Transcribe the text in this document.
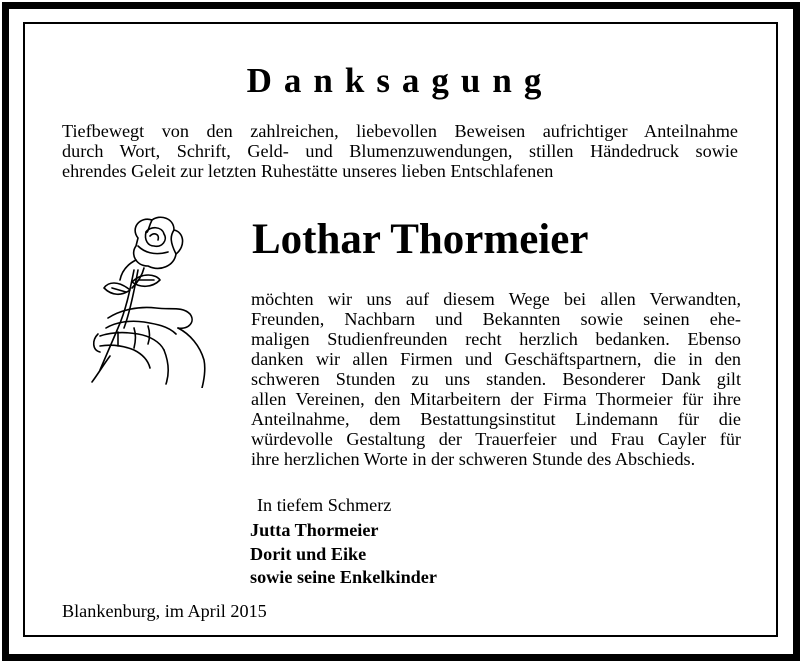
Danksagung
Tiefbewegt von den zahlreichen, liebevollen Beweisen aufrichtiger Anteilnahme
durch Wort, Schrift, Geld- und Blumenzuwendungen, stillen Händedruck sowie
ehrendes Geleit zur letzten Ruhestätte unseres lieben Entschlafenen
Lothar Thormeier
möchten wir uns auf diesem Wege bei allen Verwandten,
Freunden, Nachbarn und Bekannten sowie seinen ehe-
maligen Studienfreunden recht herzlich bedanken. Ebenso
danken wir allen Firmen und Geschäftspartnern, die in den
schweren Stunden zu uns standen. Besonderer Dank gilt
allen Vereinen, den Mitarbeitern der Firma Thormeier für ihre
Anteilnahme, dem Bestattungsinstitut Lindemann für die
würdevolle Gestaltung der Trauerfeier und Frau Cayler für
ihre herzlichen Worte in der schweren Stunde des Abschieds.
In tiefem Schmerz
Jutta Thormeier
Dorit und Eike
sowie seine Enkelkinder
Blankenburg, im April 2015
